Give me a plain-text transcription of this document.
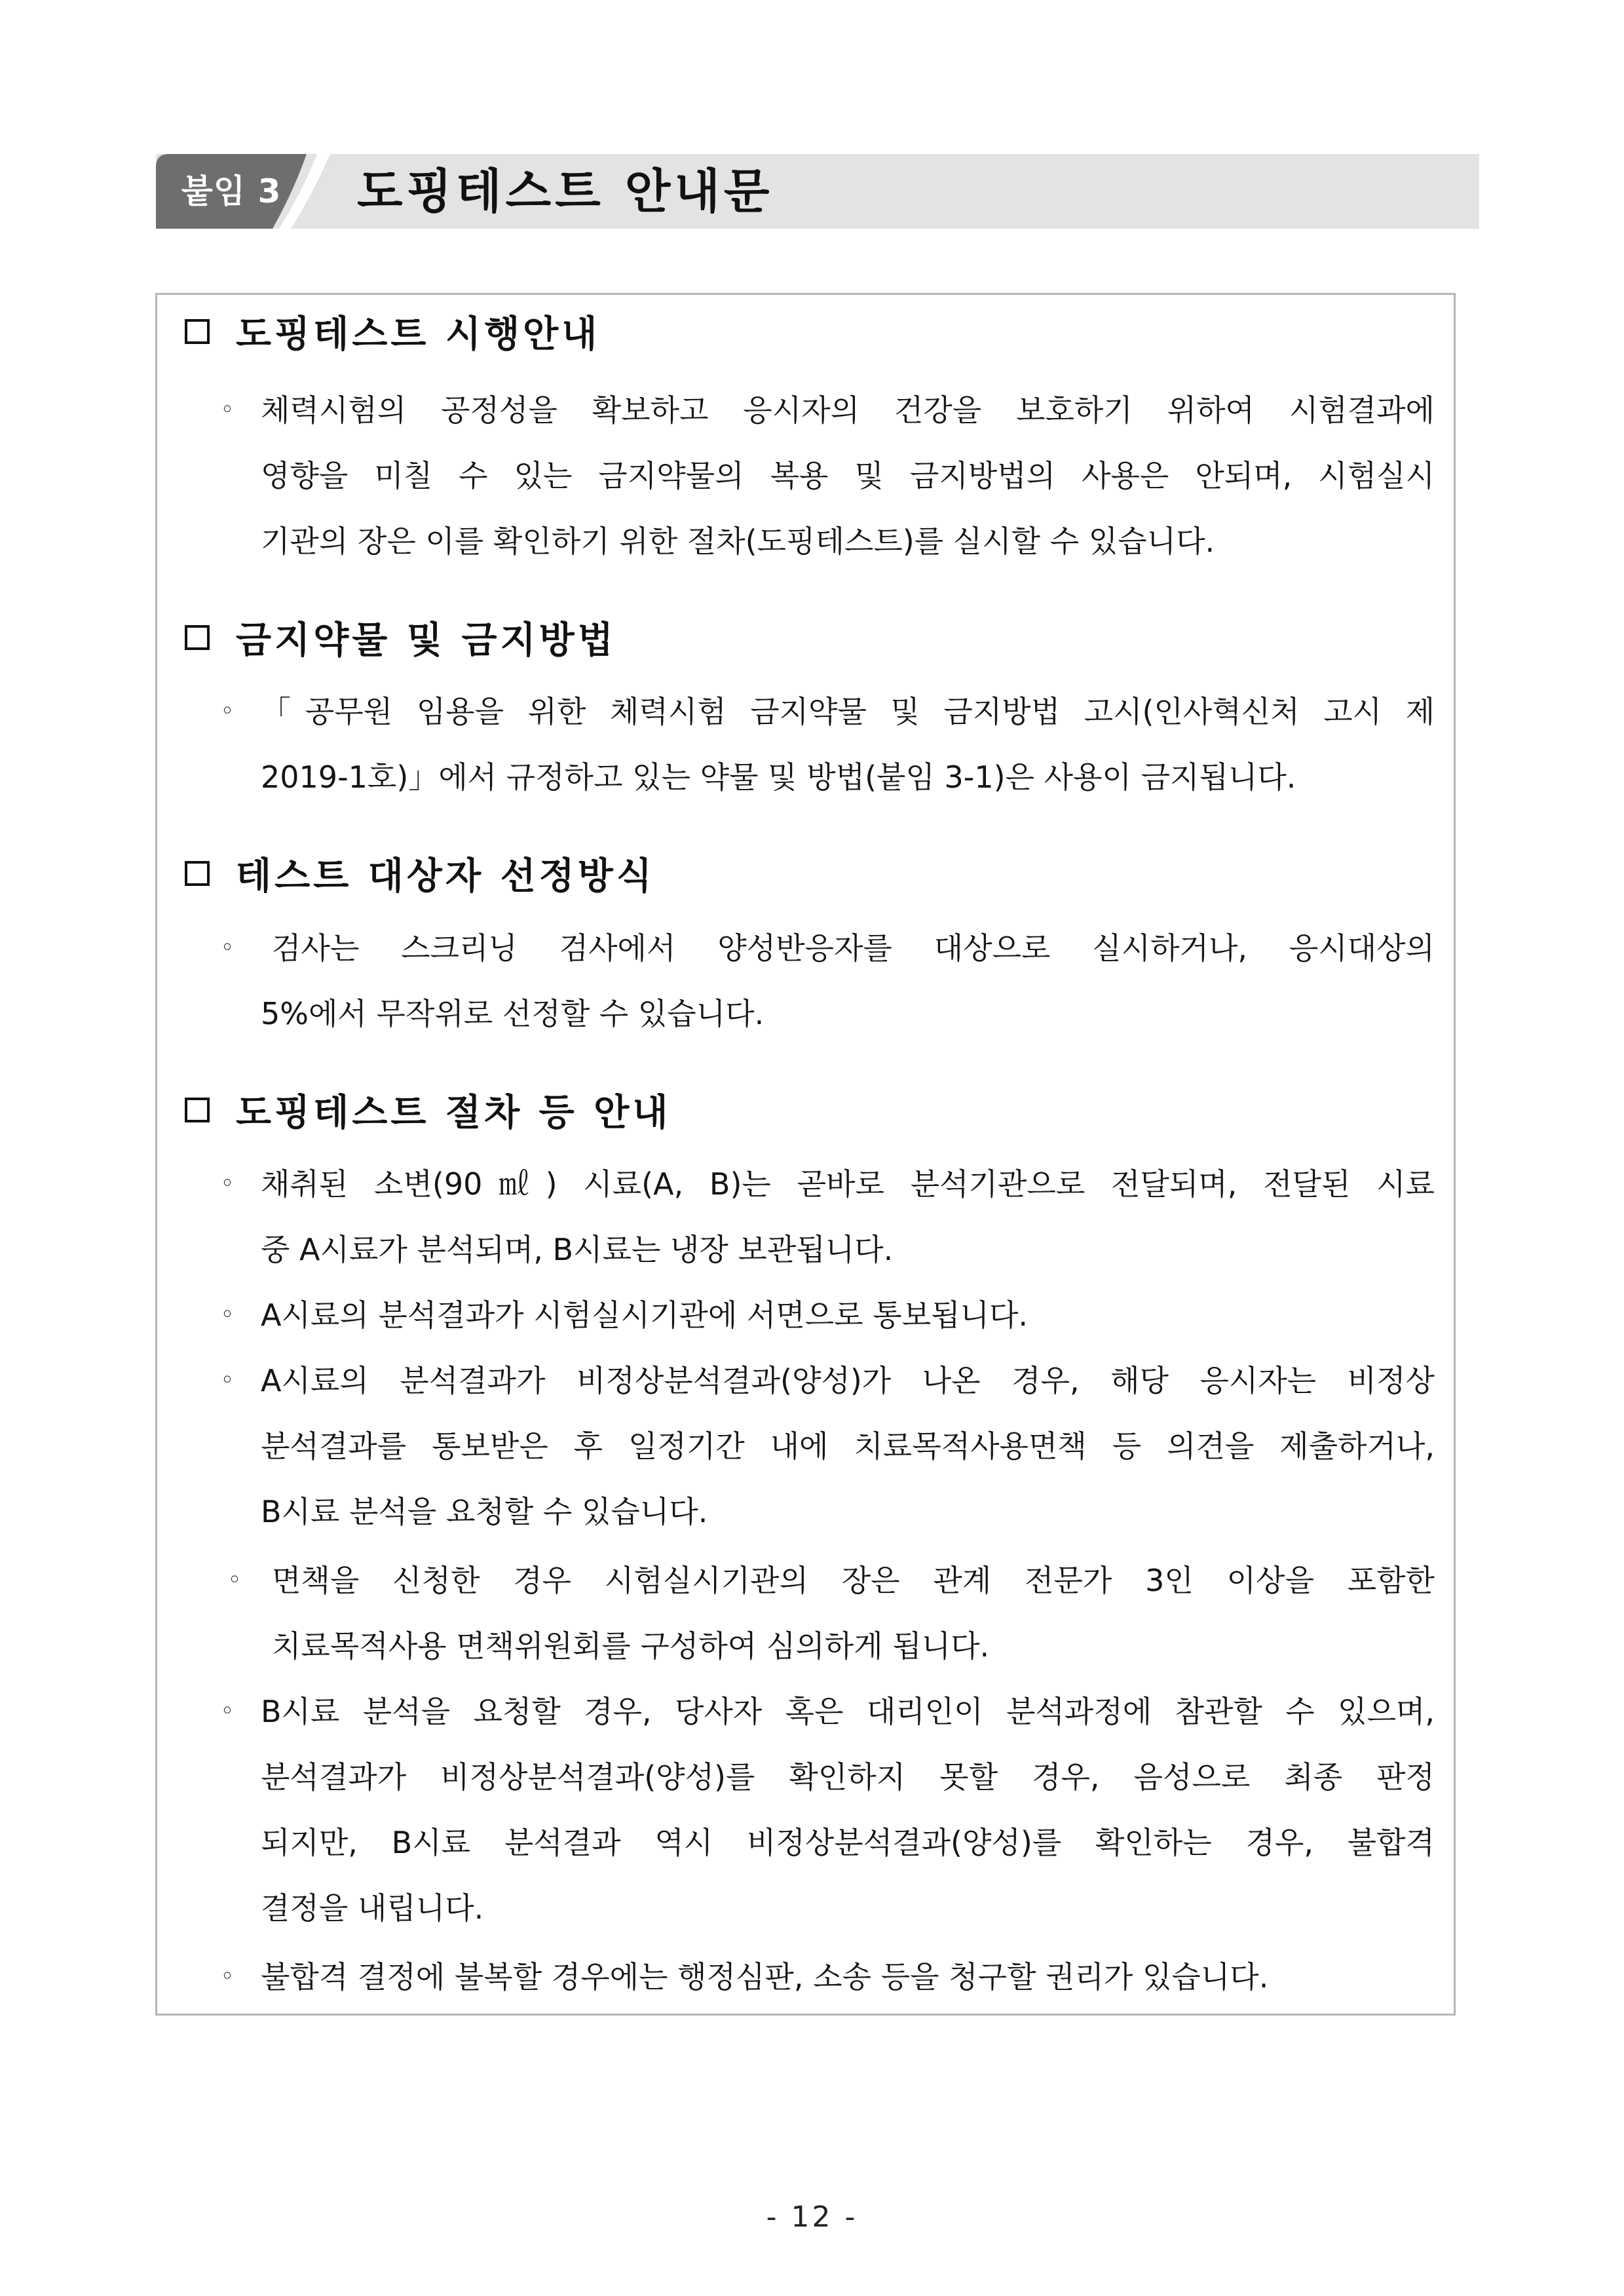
붙임 3	도핑테스트 안내문
도핑테스트 시행안내
◦ 체력시험의 공정성을 확보하고 응시자의 건강을 보호하기 위하여 시험결과에
영향을 미칠 수 있는 금지약물의 복용 및 금지방법의 사용은 안되며, 시험실시
기관의 장은 이를 확인하기 위한 절차(도핑테스트)를 실시할 수 있습니다.
금지약물 및 금지방법
◦ 「공무원 임용을 위한 체력시험 금지약물 및 금지방법 고시(인사혁신처 고시 제
2019-1호)」에서 규정하고 있는 약물 및 방법(붙임 3-1)은 사용이 금지됩니다.
테스트 대상자 선정방식
◦ 검사는 스크리닝 검사에서 양성반응자를 대상으로 실시하거나, 응시대상의
5%에서 무작위로 선정할 수 있습니다.
도핑테스트 절차 등 안내
◦ 채취된 소변(90㎖) 시료(A, B)는 곧바로 분석기관으로 전달되며, 전달된 시료
중 A시료가 분석되며, B시료는 냉장 보관됩니다.
◦ A시료의 분석결과가 시험실시기관에 서면으로 통보됩니다.
◦ A시료의 분석결과가 비정상분석결과(양성)가 나온 경우, 해당 응시자는 비정상
분석결과를 통보받은 후 일정기간 내에 치료목적사용면책 등 의견을 제출하거나,
B시료 분석을 요청할 수 있습니다.
◦ 면책을 신청한 경우 시험실시기관의 장은 관계 전문가 3인 이상을 포함한
치료목적사용 면책위원회를 구성하여 심의하게 됩니다.
◦ B시료 분석을 요청할 경우, 당사자 혹은 대리인이 분석과정에 참관할 수 있으며,
분석결과가 비정상분석결과(양성)를 확인하지 못할 경우, 음성으로 최종 판정
되지만, B시료 분석결과 역시 비정상분석결과(양성)를 확인하는 경우, 불합격
결정을 내립니다.
◦ 불합격 결정에 불복할 경우에는 행정심판, 소송 등을 청구할 권리가 있습니다.
- 12 -
